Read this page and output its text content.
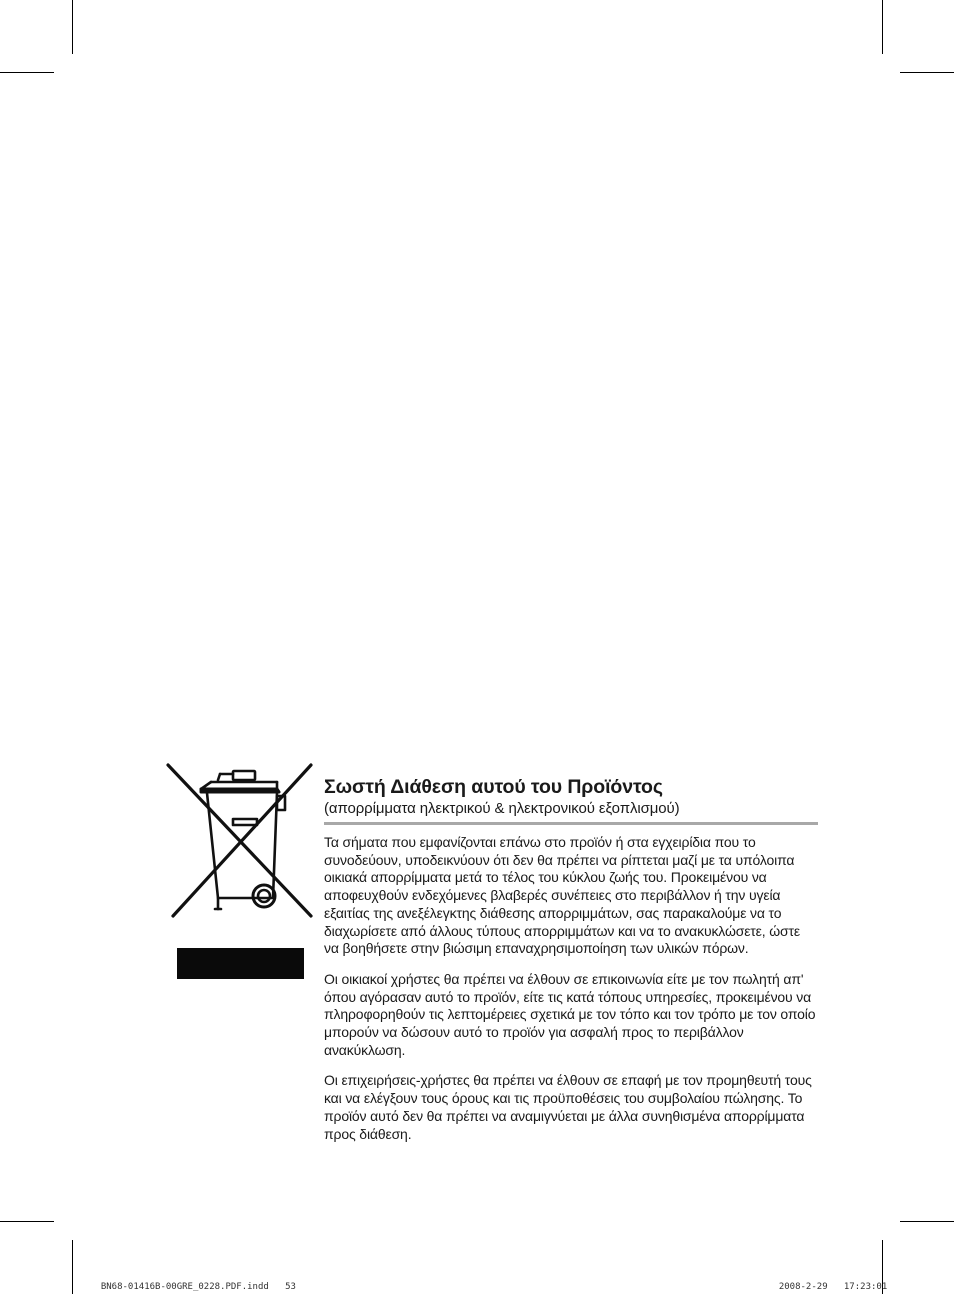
Σωστή Διάθεση αυτού του Προϊόντος

(απορρίμματα ηλεκτρικού & ηλεκτρονικού εξοπλισμού)

Τα σήματα που εμφανίζονται επάνω στο προϊόν ή στα εγχειρίδια που το συνοδεύουν, υποδεικνύουν ότι δεν θα πρέπει να ρίπτεται μαζί με τα υπόλοιπα οικιακά απορρίμματα μετά το τέλος του κύκλου ζωής του. Προκειμένου να αποφευχθούν ενδεχόμενες βλαβερές συνέπειες στο περιβάλλον ή την υγεία εξαιτίας της ανεξέλεγκτης διάθεσης απορριμμάτων, σας παρακαλούμε να το διαχωρίσετε από άλλους τύπους απορριμμάτων και να το ανακυκλώσετε, ώστε να βοηθήσετε στην βιώσιμη επαναχρησιμοποίηση των υλικών πόρων.

Οι οικιακοί χρήστες θα πρέπει να έλθουν σε επικοινωνία είτε με τον πωλητή απ' όπου αγόρασαν αυτό το προϊόν, είτε τις κατά τόπους υπηρεσίες, προκειμένου να πληροφορηθούν τις λεπτομέρειες σχετικά με τον τόπο και τον τρόπο με τον οποίο μπορούν να δώσουν αυτό το προϊόν για ασφαλή προς το περιβάλλον ανακύκλωση.

Οι επιχειρήσεις-χρήστες θα πρέπει να έλθουν σε επαφή με τον προμηθευτή τους και να ελέγξουν τους όρους και τις προϋποθέσεις του συμβολαίου πώλησης. Το προϊόν αυτό δεν θα πρέπει να αναμιγνύεται με άλλα συνηθισμένα απορρίμματα προς διάθεση.

BN68-01416B-00GRE_0228.PDF.indd 53	2008-2-29 17:23:01
